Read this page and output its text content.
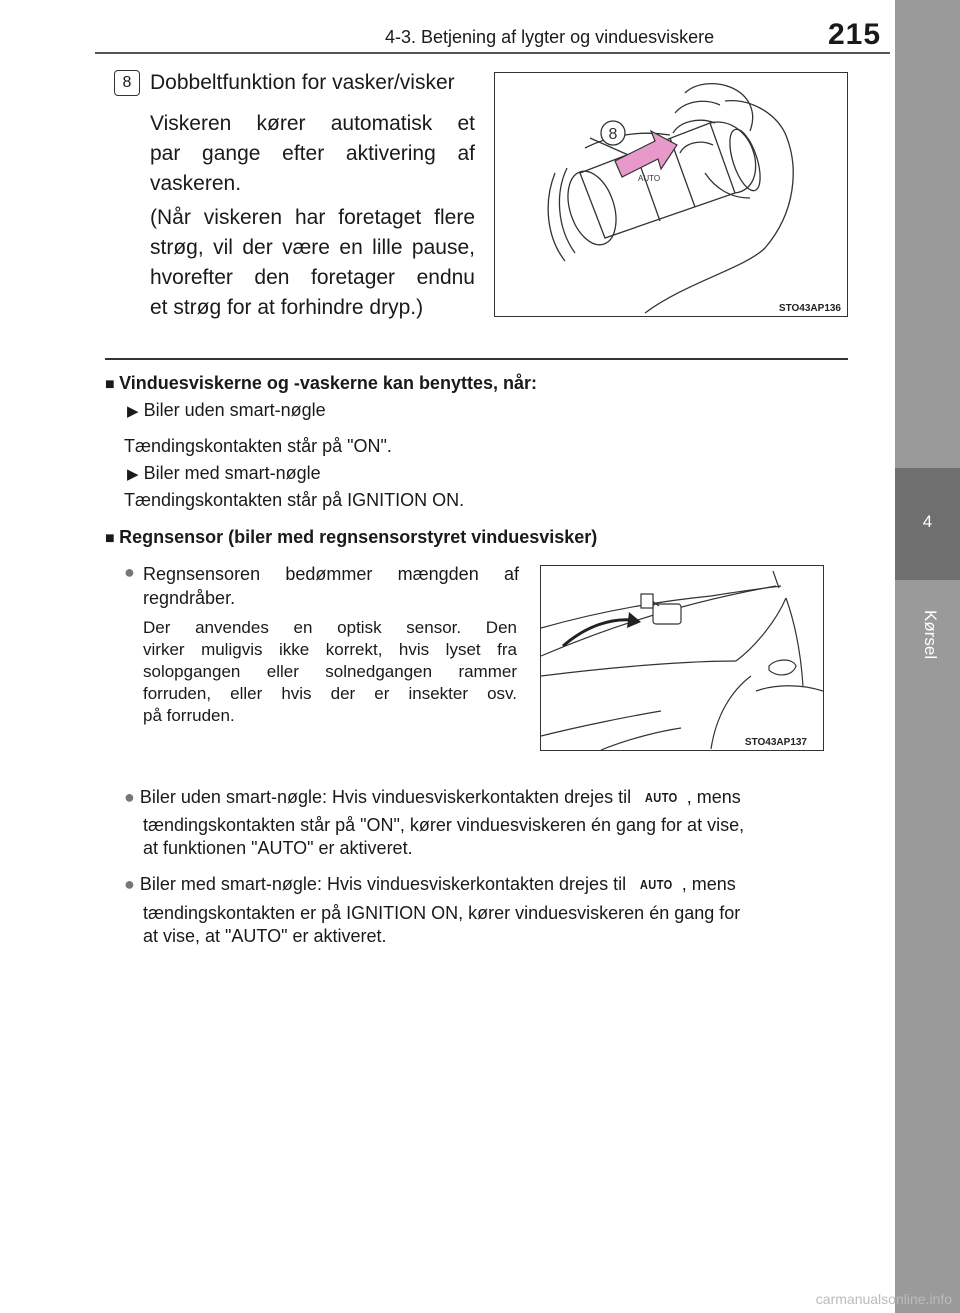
4-3. Betjening af lygter og vinduesviskere	215
4
Kørsel
8 Dobbeltfunktion for vasker/visker
Viskeren kører automatisk et
par gange efter aktivering af
vaskeren.
(Når viskeren har foretaget flere
strøg, vil der være en lille pause,
hvorefter den foretager endnu
et strøg for at forhindre dryp.)
AUTO
8
STO43AP136
■ Vinduesviskerne og -vaskerne kan benyttes, når:
▶ Biler uden smart-nøgle
Tændingskontakten står på "ON".
▶ Biler med smart-nøgle
Tændingskontakten står på IGNITION ON.
■ Regnsensor (biler med regnsensorstyret vinduesvisker)
● Regnsensoren bedømmer mængden af
regndråber.
Der anvendes en optisk sensor. Den
virker muligvis ikke korrekt, hvis lyset fra
solopgangen eller solnedgangen rammer
forruden, eller hvis der er insekter osv.
på forruden.
STO43AP137
● Biler uden smart-nøgle: Hvis vinduesviskerkontakten drejes til AUTO , mens
tændingskontakten står på "ON", kører vinduesviskeren én gang for at vise,
at funktionen "AUTO" er aktiveret.
● Biler med smart-nøgle: Hvis vinduesviskerkontakten drejes til AUTO , mens
tændingskontakten er på IGNITION ON, kører vinduesviskeren én gang for
at vise, at "AUTO" er aktiveret.
carmanualsonline.info
